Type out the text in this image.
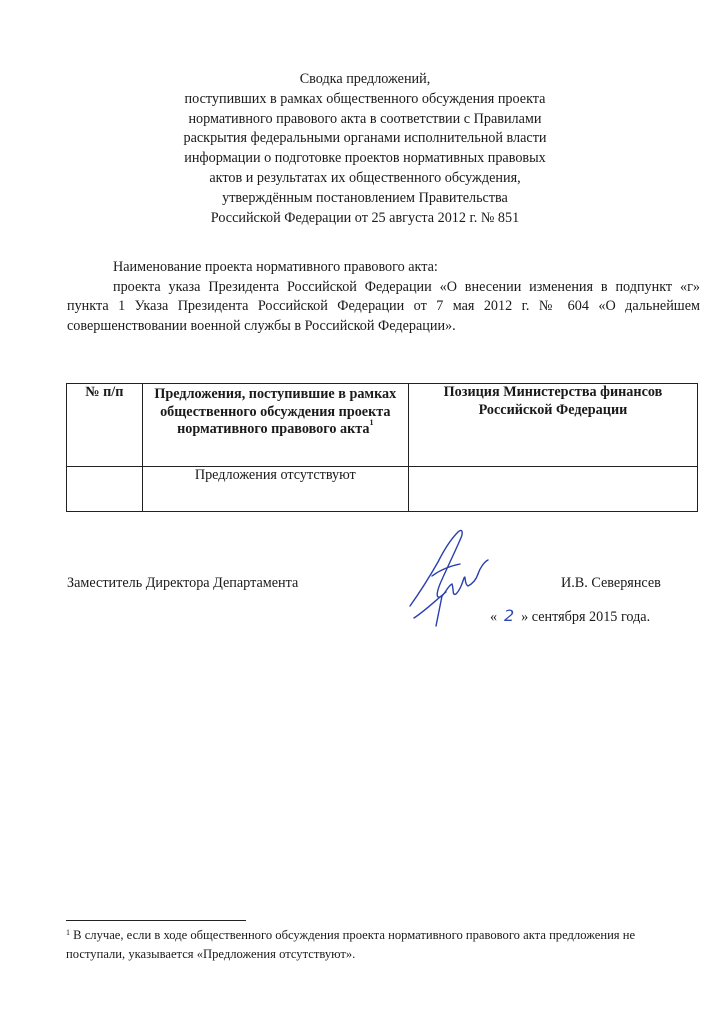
Сводка предложений,
поступивших в рамках общественного обсуждения проекта
нормативного правового акта в соответствии с Правилами
раскрытия федеральными органами исполнительной власти
информации о подготовке проектов нормативных правовых
актов и результатах их общественного обсуждения,
утверждённым постановлением Правительства
Российской Федерации от 25 августа 2012 г. № 851
Наименование проекта нормативного правового акта:
проекта указа Президента Российской Федерации «О внесении изменения в подпункт «г» пункта 1 Указа Президента Российской Федерации от 7 мая 2012 г. № 604 «О дальнейшем совершенствовании военной службы в Российской Федерации».
№ п/п	Предложения, поступившие в рамках общественного обсуждения проекта нормативного правового акта$^1$	Позиция Министерства финансов Российской Федерации
	Предложения отсутствуют	
Заместитель Директора Департамента	И.В. Северянсев
« 2 » сентября 2015 года.
$^1$ В случае, если в ходе общественного обсуждения проекта нормативного правового акта предложения не поступали, указывается «Предложения отсутствуют».
